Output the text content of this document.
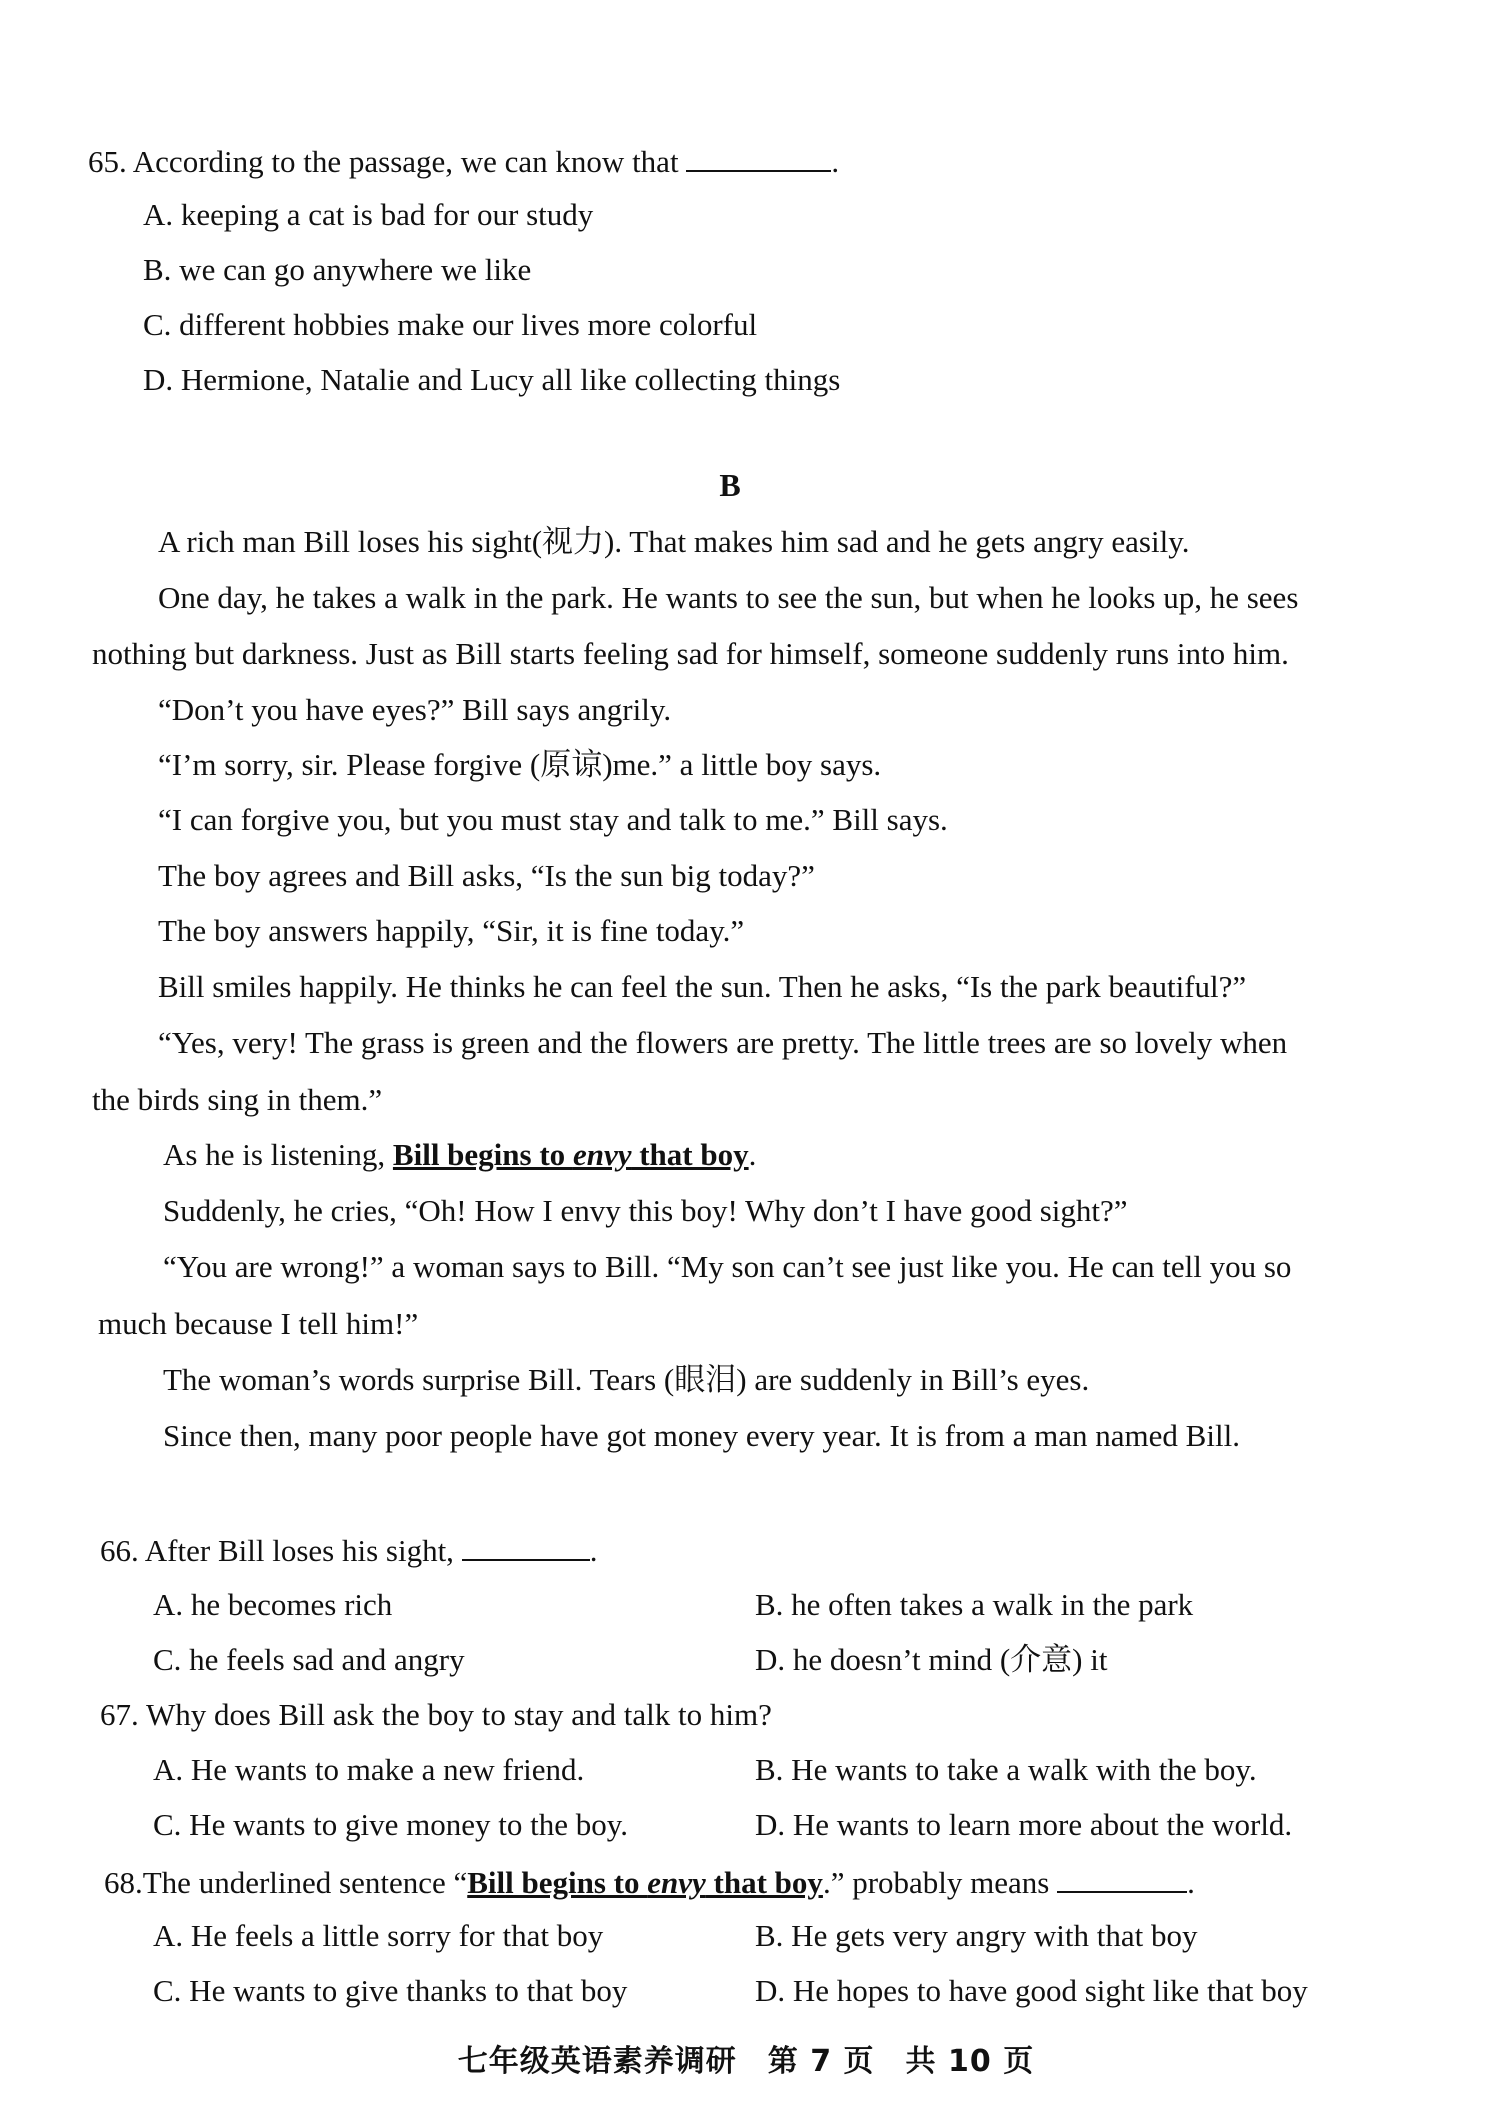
65. According to the passage, we can know that	.
A. keeping a cat is bad for our study
B. we can go anywhere we like
C. different hobbies make our lives more colorful
D. Hermione, Natalie and Lucy all like collecting things
B
A rich man Bill loses his sight(视力). That makes him sad and he gets angry easily.
One day, he takes a walk in the park. He wants to see the sun, but when he looks up, he sees
nothing but darkness. Just as Bill starts feeling sad for himself, someone suddenly runs into him.
“Don’t you have eyes?” Bill says angrily.
“I’m sorry, sir. Please forgive (原谅)me.” a little boy says.
“I can forgive you, but you must stay and talk to me.” Bill says.
The boy agrees and Bill asks, “Is the sun big today?”
The boy answers happily, “Sir, it is fine today.”
Bill smiles happily. He thinks he can feel the sun. Then he asks, “Is the park beautiful?”
“Yes, very! The grass is green and the flowers are pretty. The little trees are so lovely when
the birds sing in them.”
As he is listening, Bill begins to envy that boy.
Suddenly, he cries, “Oh! How I envy this boy! Why don’t I have good sight?”
“You are wrong!” a woman says to Bill. “My son can’t see just like you. He can tell you so
much because I tell him!”
The woman’s words surprise Bill. Tears (眼泪) are suddenly in Bill’s eyes.
Since then, many poor people have got money every year. It is from a man named Bill.
66. After Bill loses his sight,	.
A. he becomes rich	B. he often takes a walk in the park
C. he feels sad and angry	D. he doesn’t mind (介意) it
67. Why does Bill ask the boy to stay and talk to him?
A. He wants to make a new friend.	B. He wants to take a walk with the boy.
C. He wants to give money to the boy.	D. He wants to learn more about the world.
68.The underlined sentence “Bill begins to envy that boy.” probably means	.
A. He feels a little sorry for that boy	B. He gets very angry with that boy
C. He wants to give thanks to that boy	D. He hopes to have good sight like that boy
七年级英语素养调研　第 7 页　共 10 页
